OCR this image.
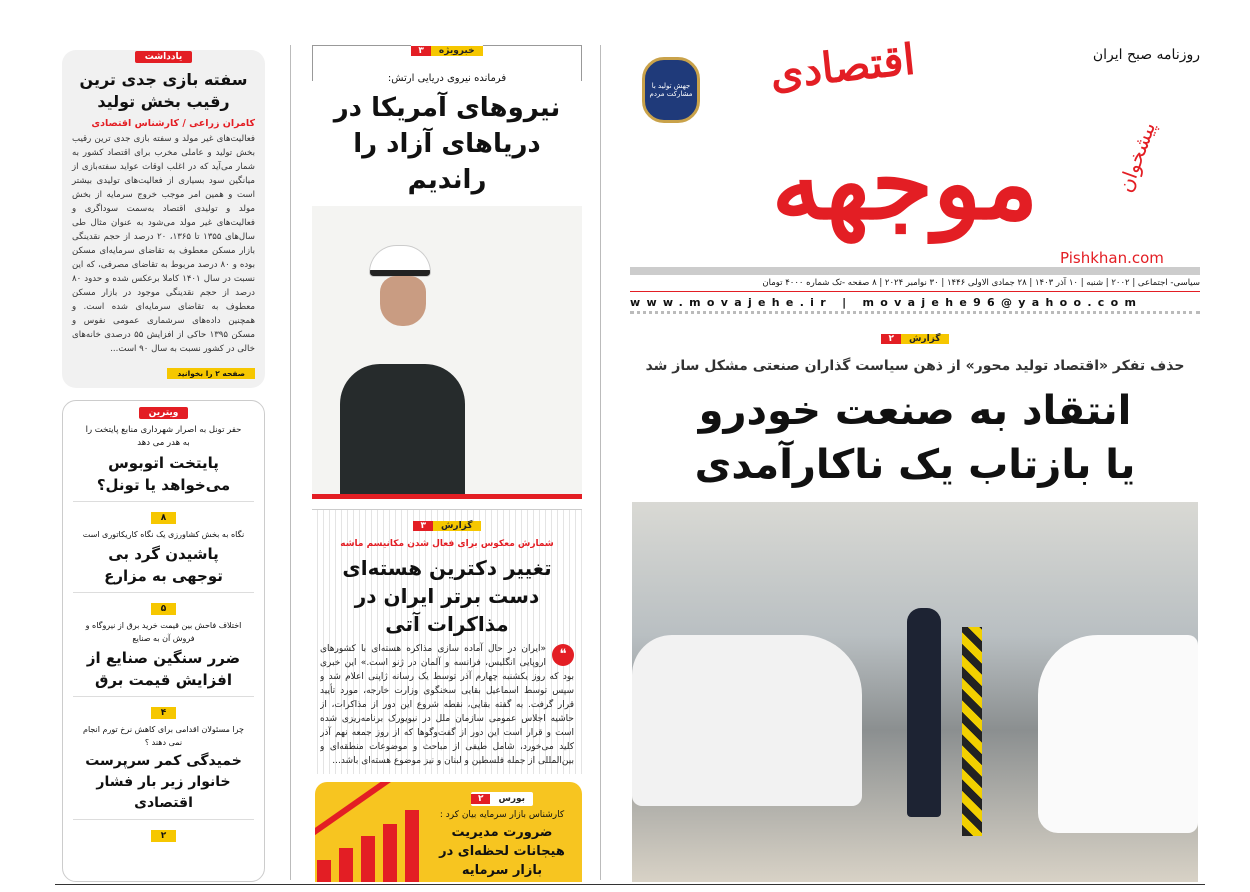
روزنامه صبح ایران
اقتصادی
موجهه
جهش تولید با مشارکت مردم
پیشخوان
Pishkhan.com
سیاسی- اجتماعی | ۲۰۰۲ | شنبه | ۱۰ آذر ۱۴۰۳ | ۲۸ جمادی الاولی ۱۴۴۶ | ۳۰ نوامبر ۲۰۲۴ | ۸ صفحه -تک شماره ۴۰۰۰ تومان
www.movajehe.ir | movajehe96@yahoo.com
گزارش
۲
حذف تفکر «اقتصاد تولید محور» از ذهن سیاست گذاران صنعتی مشکل ساز شد
انتقاد به صنعت خودرو
یا بازتاب یک ناکارآمدی
خبرویژه
۳
فرمانده نیروی دریایی ارتش:
نیروهای آمریکا در دریاهای آزاد را راندیم
گزارش
۳
شمارش معکوس برای فعال شدن مکانیسم ماشه
تغییر دکترین هسته‌ای دست برتر ایران در مذاکرات آتی
❝
«ایران در حال آماده سازی مذاکره هسته‌ای با کشورهای اروپایی انگلیس، فرانسه و آلمان در ژنو است.» این خبری بود که روز یکشنبه چهارم آذر توسط یک رسانه ژاپنی اعلام شد و سپس توسط اسماعیل بقایی سخنگوی وزارت خارجه، مورد تأیید قرار گرفت. به گفته بقایی، نقطه شروع این دور از مذاکرات، از حاشیه اجلاس عمومی سازمان ملل در نیویورک برنامه‌ریزی شده است و قرار است این دور از گفت‌وگوها که از روز جمعه نهم آذر کلید می‌خورد، شامل طیفی از مباحث و موضوعات منطقه‌ای و بین‌المللی از جمله فلسطین و لبنان و نیز موضوع هسته‌ای باشد...
بورس
۲
کارشناس بازار سرمایه بیان کرد :
ضرورت مدیریت هیجانات لحظه‌ای در بازار سرمایه
یادداشت
سفته بازی جدی ترین رقیب بخش تولید
کامران زراعی / کارشناس اقتصادی
فعالیت‌های غیر مولد و سفته بازی جدی ترین رقیب بخش تولید و عاملی مخرب برای اقتصاد کشور به شمار می‌آید که در اغلب اوقات عواید سفته‌بازی از میانگین سود بسیاری از فعالیت‌های تولیدی بیشتر است و همین امر موجب خروج سرمایه از بخش مولد و تولیدی اقتصاد به‌سمت سوداگری و فعالیت‌های غیر مولد می‌شود به عنوان مثال طی سال‌های ۱۳۵۵ تا ۱۳۶۵، ۲۰ درصد از حجم نقدینگی بازار مسکن معطوف به تقاضای سرمایه‌ای مسکن بوده و ۸۰ درصد مربوط به تقاضای مصرفی، که این نسبت در سال ۱۴۰۱ کاملا برعکس شده و حدود ۸۰ درصد از حجم نقدینگی موجود در بازار مسکن معطوف به تقاضای سرمایه‌ای شده است. و همچنین داده‌های سرشماری عمومی نفوس و مسکن ۱۳۹۵ حاکی از افزایش ۵۵ درصدی خانه‌های خالی در کشور نسبت به سال ۹۰ است...
صفحه ۲ را بخوانید
ویترین
حفر تونل به اصرار شهرداری منابع پایتخت را به هدر می دهد
پایتخت اتوبوس می‌خواهد یا تونل؟
۸
نگاه به بخش کشاورزی یک نگاه کاریکاتوری است
پاشیدن گرد بی توجهی به مزارع
۵
اختلاف فاحش بین قیمت خرید برق از نیروگاه و فروش آن به صنایع
ضرر سنگین صنایع از افزایش قیمت برق
۴
چرا مسئولان اقدامی برای کاهش نرخ تورم انجام نمی دهند ؟
خمیدگی کمر سرپرست خانوار زیر بار فشار اقتصادی
۲
